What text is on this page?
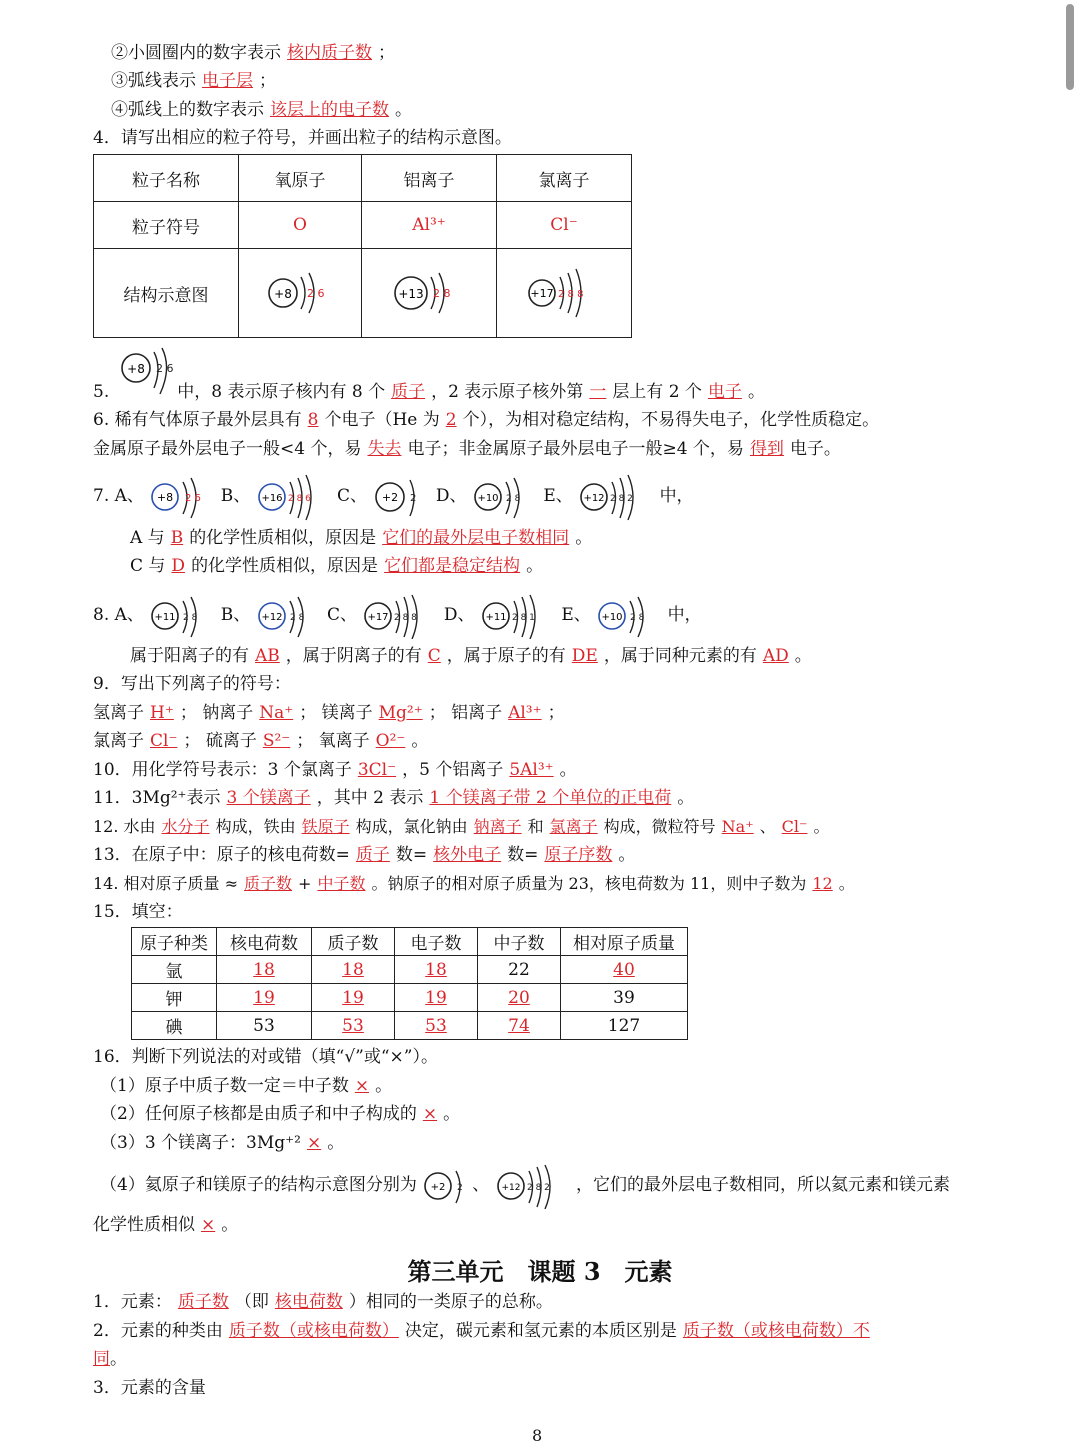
②小圆圈内的数字表示 核内质子数 ；
③弧线表示 电子层 ；
④弧线上的数字表示 该层上的电子数 。
4．请写出相应的粒子符号，并画出粒子的结构示意图。
粒子名称	氧原子	铝离子	氯离子
粒子符号	O	Al³⁺	Cl⁻
结构示意图	+8 2 6	+13 2 8	+17 2 8 8
+8 2 6
5.	中，8 表示原子核内有 8 个 质子 ，2 表示原子核外第 一 层上有 2 个 电子 。
6. 稀有气体原子最外层具有 8 个电子（He 为 2 个），为相对稳定结构，不易得失电子，化学性质稳定。
金属原子最外层电子一般<4 个，易 失去 电子；非金属原子最外层电子一般≥4 个，易 得到 电子。
7. A、 +8 2 6 B、 +16 2 8 6 C、 +2 2 D、 +10 2 8 E、 +12 2 8 2 中，
A 与 B 的化学性质相似，原因是 它们的最外层电子数相同 。
C 与 D 的化学性质相似，原因是 它们都是稳定结构 。
8. A、 +11 2 8 B、 +12 2 8 C、 +17 2 8 8 D、 +11 2 8 1 E、 +10 2 8 中，
属于阳离子的有 AB ，属于阴离子的有 C ，属于原子的有 DE ，属于同种元素的有 AD 。
9．写出下列离子的符号：
氢离子 H⁺ ； 钠离子 Na⁺ ； 镁离子 Mg²⁺ ； 铝离子 Al³⁺ ；
氯离子 Cl⁻ ； 硫离子 S²⁻ ； 氧离子 O²⁻ 。
10．用化学符号表示：3 个氯离子 3Cl⁻ ，5 个铝离子 5Al³⁺ 。
11．3Mg²⁺表示 3 个镁离子 ，其中 2 表示 1 个镁离子带 2 个单位的正电荷 。
12. 水由 水分子 构成，铁由 铁原子 构成，氯化钠由 钠离子 和 氯离子 构成，微粒符号 Na⁺ 、 Cl⁻ 。
13．在原子中：原子的核电荷数= 质子 数= 核外电子 数= 原子序数 。
14. 相对原子质量 ≈ 质子数 + 中子数 。钠原子的相对原子质量为 23，核电荷数为 11，则中子数为 12 。
15．填空：
原子种类	核电荷数	质子数	电子数	中子数	相对原子质量
氩	18	18	18	22	40
钾	19	19	19	20	39
碘	53	53	53	74	127
16．判断下列说法的对或错（填“√”或“×”）。
（1）原子中质子数一定＝中子数 × 。
（2）任何原子核都是由质子和中子构成的 × 。
（3）3 个镁离子：3Mg⁺² × 。
（4）氦原子和镁原子的结构示意图分别为 +2 2 、 +12 2 8 2 ，它们的最外层电子数相同，所以氦元素和镁元素
化学性质相似 × 。
第三单元　课题 3　元素
1．元素： 质子数 （即 核电荷数 ）相同的一类原子的总称。
2．元素的种类由 质子数（或核电荷数） 决定，碳元素和氢元素的本质区别是 质子数（或核电荷数）不
同。
3．元素的含量
8
